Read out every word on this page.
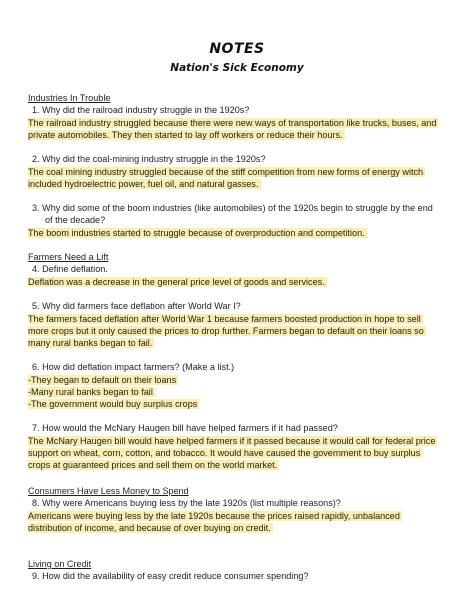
NOTES
Nation's Sick Economy
Industries In Trouble
1. Why did the railroad industry struggle in the 1920s?
The railroad industry struggled because there were new ways of transportation like trucks, buses, and
private automobiles. They then started to lay off workers or reduce their hours.
2. Why did the coal-mining industry struggle in the 1920s?
The coal mining industry struggled because of the stiff competition from new forms of energy witch
included hydroelectric power, fuel oil, and natural gasses.
3. Why did some of the boom industries (like automobiles) of the 1920s begin to struggle by the end
of the decade?
The boom industries started to struggle because of overproduction and competition.
Farmers Need a Lift
4. Define deflation.
Deflation was a decrease in the general price level of goods and services.
5. Why did farmers face deflation after World War I?
The farmers faced deflation after World War 1 because farmers boosted production in hope to sell
more crops but it only caused the prices to drop further. Farmers began to default on their loans so
many rural banks began to fail.
6. How did deflation impact farmers? (Make a list.)
-They began to default on their loans
-Many rural banks began to fail
-The government would buy surplus crops
7. How would the McNary Haugen bill have helped farmers if it had passed?
The McNary Haugen bill would have helped farmers if it passed because it would call for federal price
support on wheat, corn, cotton, and tobacco. It would have caused the government to buy surplus
crops at guaranteed prices and sell them on the world market.
Consumers Have Less Money to Spend
8. Why were Americans buying less by the late 1920s (list multiple reasons)?
Americans were buying less by the late 1920s because the prices raised rapidly, unbalanced
distribution of income, and because of over buying on credit.
Living on Credit
9. How did the availability of easy credit reduce consumer spending?
